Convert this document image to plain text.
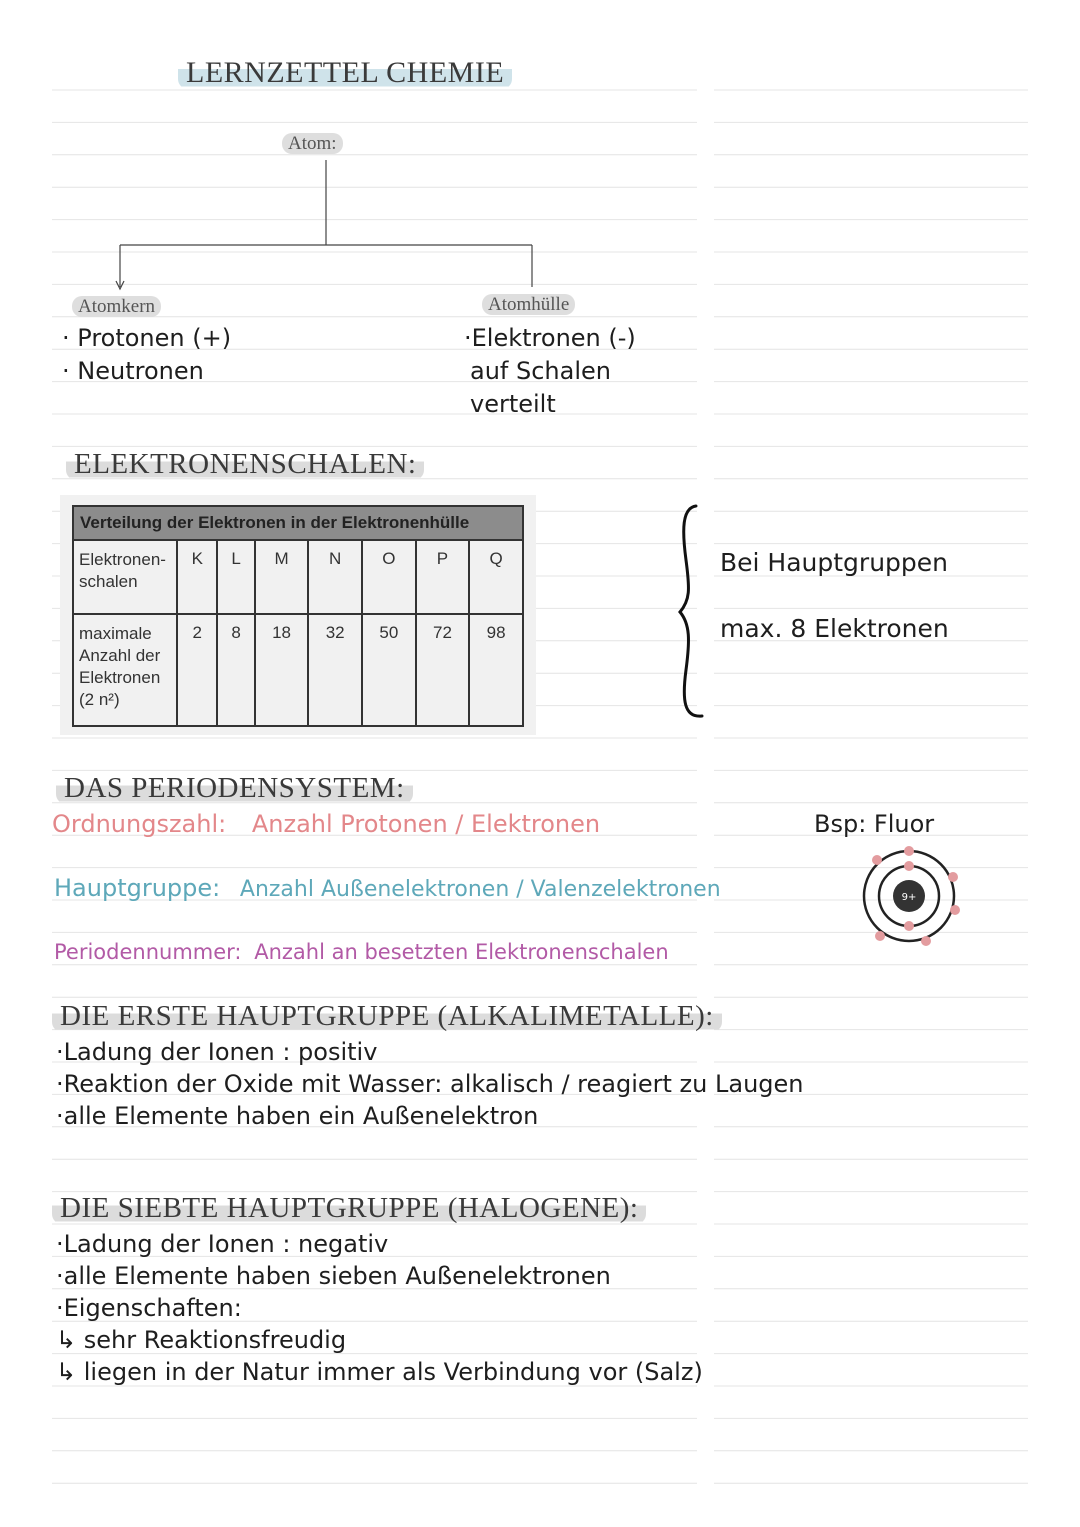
LERNZETTEL CHEMIE
Atom:
Atomkern	Atomhülle
· Protonen (+)
· Neutronen
·Elektronen (-)
auf Schalen
verteilt
ELEKTRONENSCHALEN:
Verteilung der Elektronen in der Elektronenhülle							
Elektronen-
schalen	K	L	M	N	O	P	Q
maximale
Anzahl der
Elektronen
(2 n²)	2	8	18	32	50	72	98
Bei Hauptgruppen
max. 8 Elektronen
DAS PERIODENSYSTEM:
Ordnungszahl: Anzahl Protonen / Elektronen
Hauptgruppe: Anzahl Außenelektronen / Valenzelektronen
Periodennummer: Anzahl an besetzten Elektronenschalen
Bsp: Fluor
9+
DIE ERSTE HAUPTGRUPPE (ALKALIMETALLE):
·Ladung der Ionen : positiv
·Reaktion der Oxide mit Wasser: alkalisch / reagiert zu Laugen
·alle Elemente haben ein Außenelektron
DIE SIEBTE HAUPTGRUPPE (HALOGENE):
·Ladung der Ionen : negativ
·alle Elemente haben sieben Außenelektronen
·Eigenschaften:
↳ sehr Reaktionsfreudig
↳ liegen in der Natur immer als Verbindung vor (Salz)
